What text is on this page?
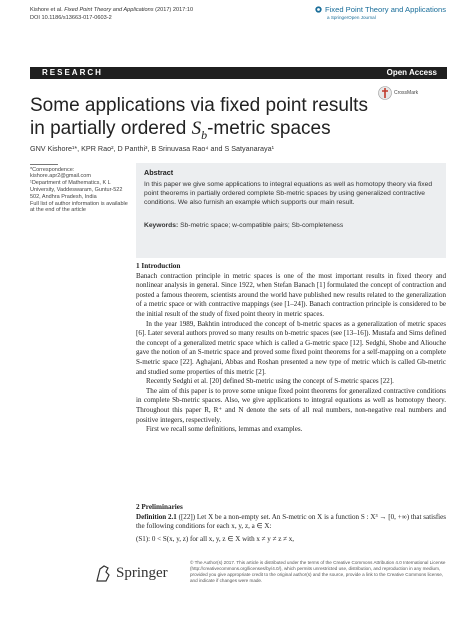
Kishore et al. Fixed Point Theory and Applications (2017) 2017:10
DOI 10.1186/s13663-017-0603-2
Fixed Point Theory and Applications
a SpringerOpen Journal
RESEARCH	Open Access
Some applications via fixed point results
in partially ordered $S_b$-metric spaces
CrossMark
GNV Kishore¹*, KPR Rao², D Panthi³, B Srinuvasa Rao⁴ and S Satyanaraya¹
*Correspondence:
kishore.apr2@gmail.com
¹Department of Mathematics, K L University, Vaddeswaram, Guntur-522 502, Andhra Pradesh, India
Full list of author information is available at the end of the article
Abstract
In this paper we give some applications to integral equations as well as homotopy theory via fixed point theorems in partially ordered complete Sb-metric spaces by using generalized contractive conditions. We also furnish an example which supports our main result.
Keywords: Sb-metric space; w-compatible pairs; Sb-completeness
1 Introduction
Banach contraction principle in metric spaces is one of the most important results in fixed theory and nonlinear analysis in general. Since 1922, when Stefan Banach [1] formulated the concept of contraction and posted a famous theorem, scientists around the world have published new results related to the generalization of a metric space or with contractive mappings (see [1–24]). Banach contraction principle is considered to be the initial result of the study of fixed point theory in metric spaces.
In the year 1989, Bakhtin introduced the concept of b-metric spaces as a generalization of metric spaces [6]. Later several authors proved so many results on b-metric spaces (see [13–16]). Mustafa and Sims defined the concept of a generalized metric space which is called a G-metric space [12]. Sedghi, Shobe and Aliouche gave the notion of an S-metric space and proved some fixed point theorems for a self-mapping on a complete S-metric space [22]. Aghajani, Abbas and Roshan presented a new type of metric which is called Gb-metric and studied some properties of this metric [2].
Recently Sedghi et al. [20] defined Sb-metric using the concept of S-metric spaces [22].
The aim of this paper is to prove some unique fixed point theorems for generalized contractive conditions in complete Sb-metric spaces. Also, we give applications to integral equations as well as homotopy theory. Throughout this paper R, R⁺ and N denote the sets of all real numbers, non-negative real numbers and positive integers, respectively.
First we recall some definitions, lemmas and examples.
2 Preliminaries
Definition 2.1 ([22]) Let X be a non-empty set. An S-metric on X is a function S : X³ → [0, +∞) that satisfies the following conditions for each x, y, z, a ∈ X:
(S1): 0 < S(x, y, z) for all x, y, z ∈ X with x ≠ y ≠ z ≠ x,
Springer
© The Author(s) 2017. This article is distributed under the terms of the Creative Commons Attribution 4.0 International License (http://creativecommons.org/licenses/by/4.0/), which permits unrestricted use, distribution, and reproduction in any medium, provided you give appropriate credit to the original author(s) and the source, provide a link to the Creative Commons license, and indicate if changes were made.
